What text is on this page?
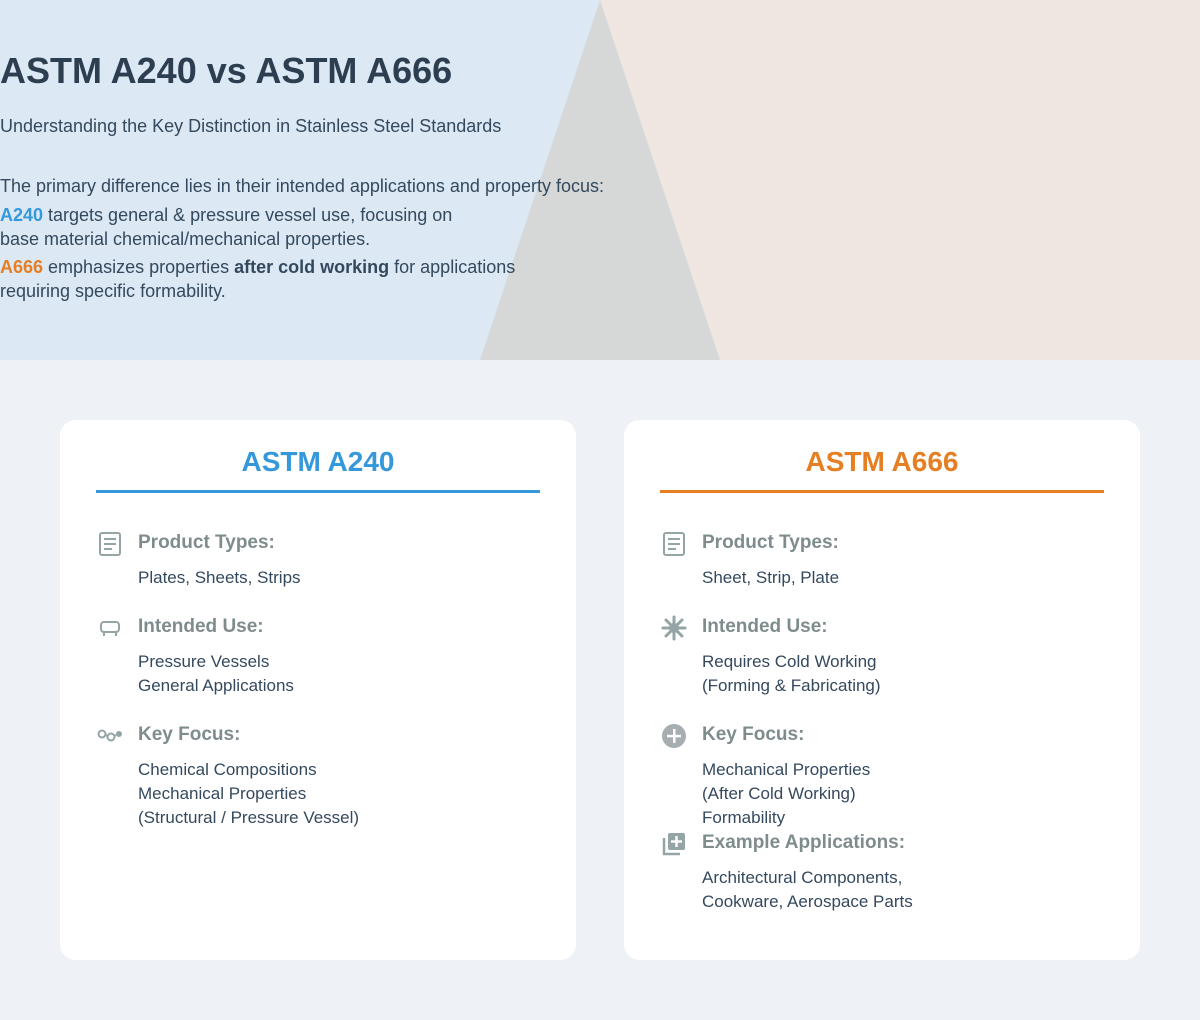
ASTM A240 vs ASTM A666
Understanding the Key Distinction in Stainless Steel Standards
The primary difference lies in their intended applications and property focus:
A240 targets general & pressure vessel use, focusing on
base material chemical/mechanical properties.
A666 emphasizes properties after cold working for applications
requiring specific formability.
ASTM A240
Product Types:
Plates, Sheets, Strips
Intended Use:
Pressure Vessels
General Applications
Key Focus:
Chemical Compositions
Mechanical Properties
(Structural / Pressure Vessel)
ASTM A666
Product Types:
Sheet, Strip, Plate
Intended Use:
Requires Cold Working
(Forming & Fabricating)
Key Focus:
Mechanical Properties
(After Cold Working)
Formability
Example Applications:
Architectural Components,
Cookware, Aerospace Parts
